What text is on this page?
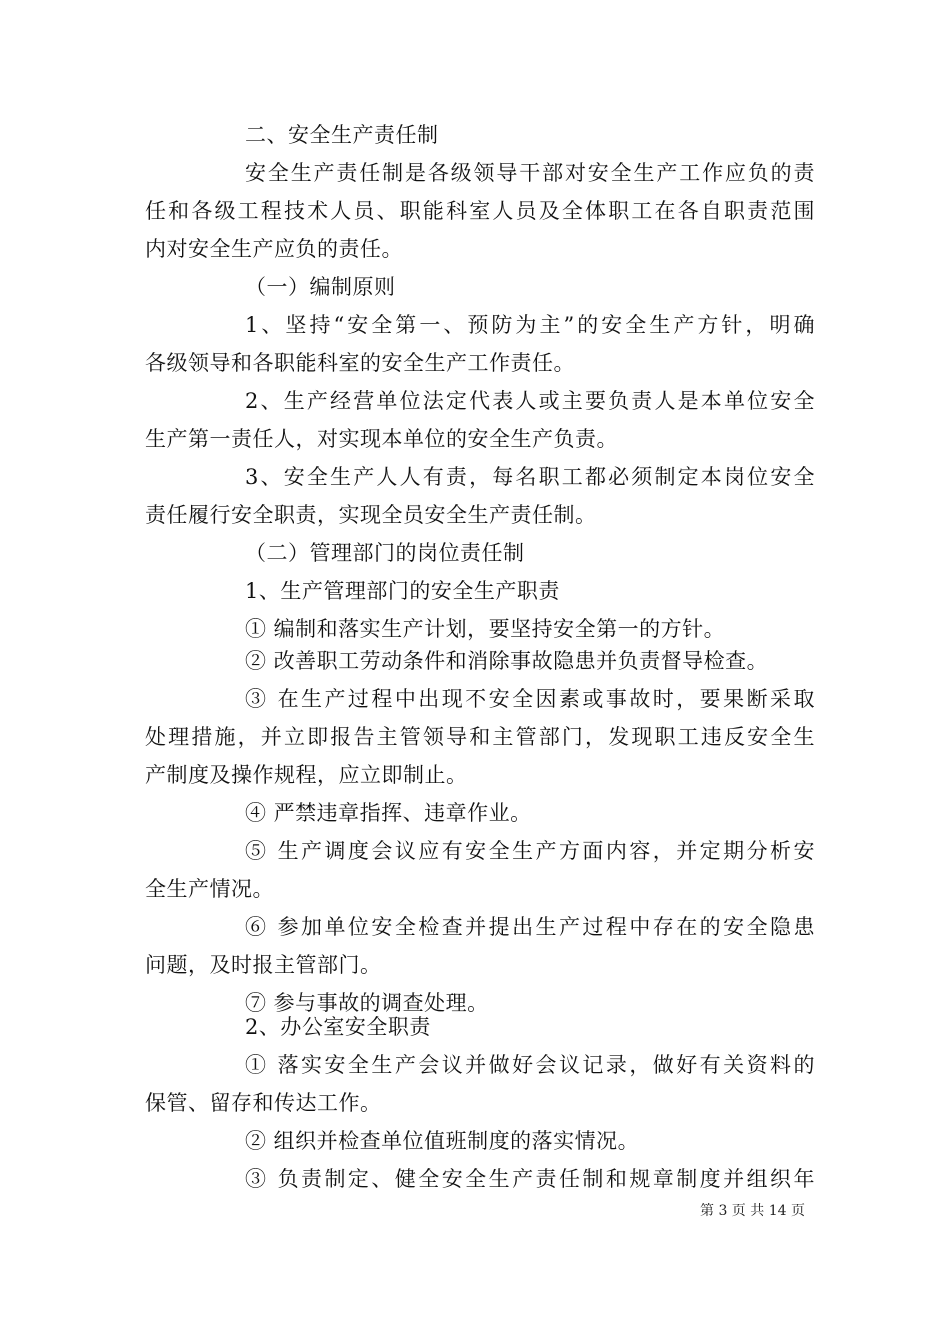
二、安全生产责任制
安全生产责任制是各级领导干部对安全生产工作应负的责
任和各级工程技术人员、职能科室人员及全体职工在各自职责范围
内对安全生产应负的责任。
（一）编制原则
1、坚持“安全第一、预防为主”的安全生产方针，明确
各级领导和各职能科室的安全生产工作责任。
2、生产经营单位法定代表人或主要负责人是本单位安全
生产第一责任人，对实现本单位的安全生产负责。
3、安全生产人人有责，每名职工都必须制定本岗位安全
责任履行安全职责，实现全员安全生产责任制。
（二）管理部门的岗位责任制
1、生产管理部门的安全生产职责
① 编制和落实生产计划，要坚持安全第一的方针。
② 改善职工劳动条件和消除事故隐患并负责督导检查。
③ 在生产过程中出现不安全因素或事故时，要果断采取
处理措施，并立即报告主管领导和主管部门，发现职工违反安全生
产制度及操作规程，应立即制止。
④ 严禁违章指挥、违章作业。
⑤ 生产调度会议应有安全生产方面内容，并定期分析安
全生产情况。
⑥ 参加单位安全检查并提出生产过程中存在的安全隐患
问题，及时报主管部门。
⑦ 参与事故的调查处理。
2、办公室安全职责
① 落实安全生产会议并做好会议记录，做好有关资料的
保管、留存和传达工作。
② 组织并检查单位值班制度的落实情况。
③ 负责制定、健全安全生产责任制和规章制度并组织年
第 3 页 共 14 页
